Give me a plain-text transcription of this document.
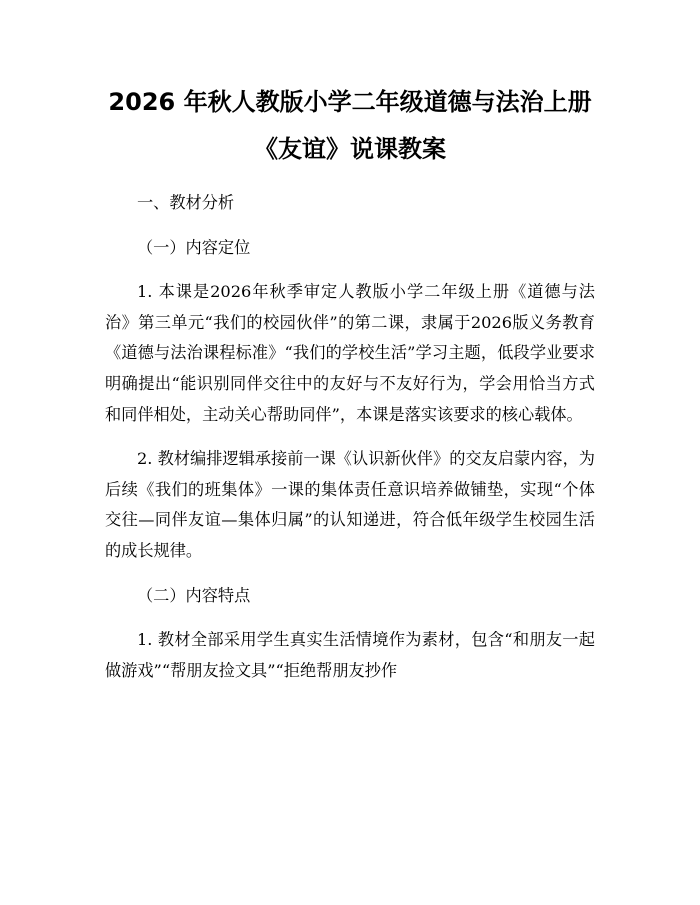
2026 年秋人教版小学二年级道德与法治上册
《友谊》说课教案

一、教材分析

（一）内容定位

1. 本课是2026年秋季审定人教版小学二年级上册《道德与法治》第三单元“我们的校园伙伴”的第二课，隶属于2026版义务教育《道德与法治课程标准》“我们的学校生活”学习主题，低段学业要求明确提出“能识别同伴交往中的友好与不友好行为，学会用恰当方式和同伴相处，主动关心帮助同伴”，本课是落实该要求的核心载体。

2. 教材编排逻辑承接前一课《认识新伙伴》的交友启蒙内容，为后续《我们的班集体》一课的集体责任意识培养做铺垫，实现“个体交往—同伴友谊—集体归属”的认知递进，符合低年级学生校园生活的成长规律。

（二）内容特点

1. 教材全部采用学生真实生活情境作为素材，包含“和朋友一起做游戏”“帮朋友捡文具”“拒绝帮朋友抄作
